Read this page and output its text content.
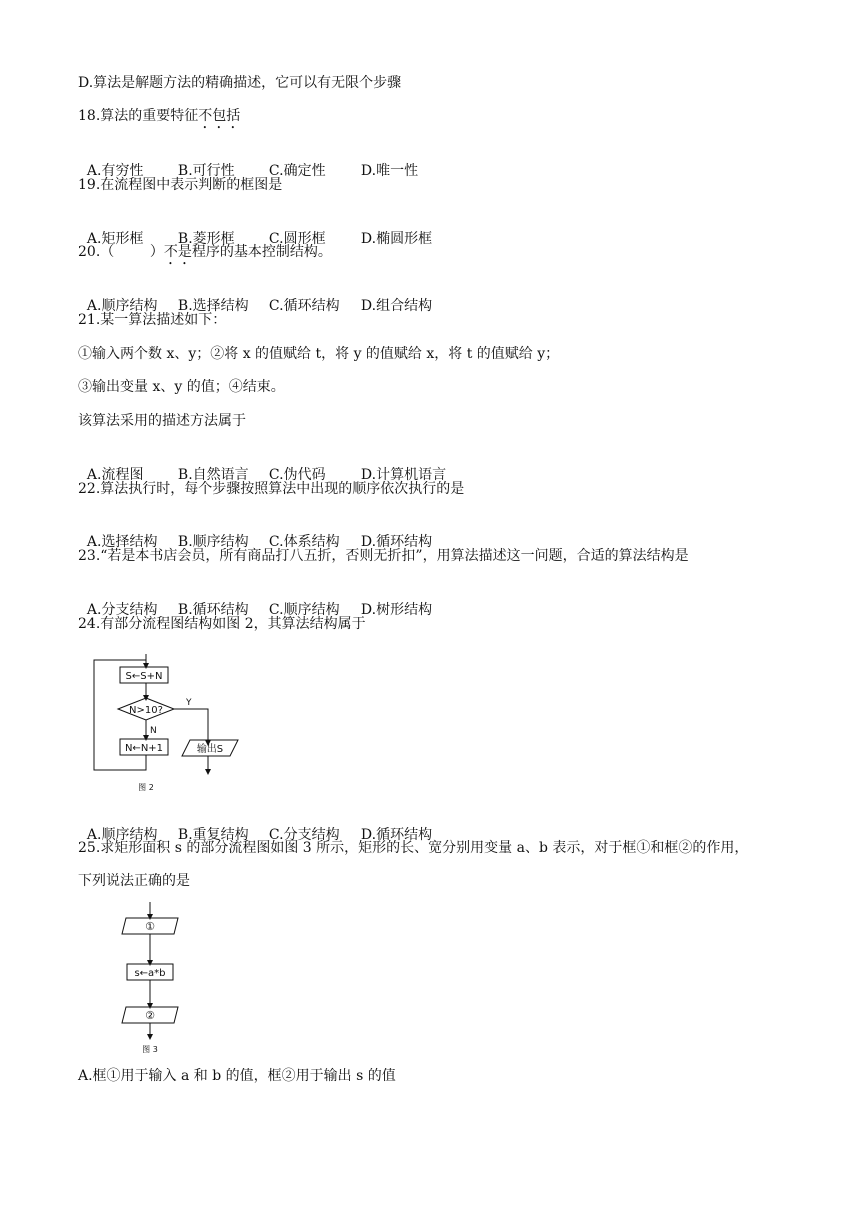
D.算法是解题方法的精确描述，它可以有无限个步骤
18.算法的重要特征不包括

A.有穷性 B.可行性 C.确定性	D.唯一性

19.在流程图中表示判断的框图是

A.矩形框 B.菱形框 C.圆形框	D.椭圆形框

20.（        ）不是程序的基本控制结构。

A.顺序结构 B.选择结构 C.循环结构 D.组合结构

21.某一算法描述如下：
①输入两个数 x、y；②将 x 的值赋给 t，将 y 的值赋给 x，将 t 的值赋给 y；
③输出变量 x、y 的值；④结束。
该算法采用的描述方法属于

A.流程图 B.自然语言 C.伪代码	D.计算机语言

22.算法执行时，每个步骤按照算法中出现的顺序依次执行的是

A.选择结构 B.顺序结构 C.体系结构 D.循环结构

23.“若是本书店会员，所有商品打八五折，否则无折扣”，用算法描述这一问题，合适的算法结构是

A.分支结构 B.循环结构 C.顺序结构 D.树形结构

24.有部分流程图结构如图 2，其算法结构属于
S←S+N
N>10?
Y
N
N←N+1	输出S
图 2

A.顺序结构 B.重复结构 C.分支结构 D.循环结构

25.求矩形面积 s 的部分流程图如图 3 所示，矩形的长、宽分别用变量 a、b 表示，对于框①和框②的作用，
下列说法正确的是
①
s←a*b
②
图 3
A.框①用于输入 a 和 b 的值，框②用于输出 s 的值
